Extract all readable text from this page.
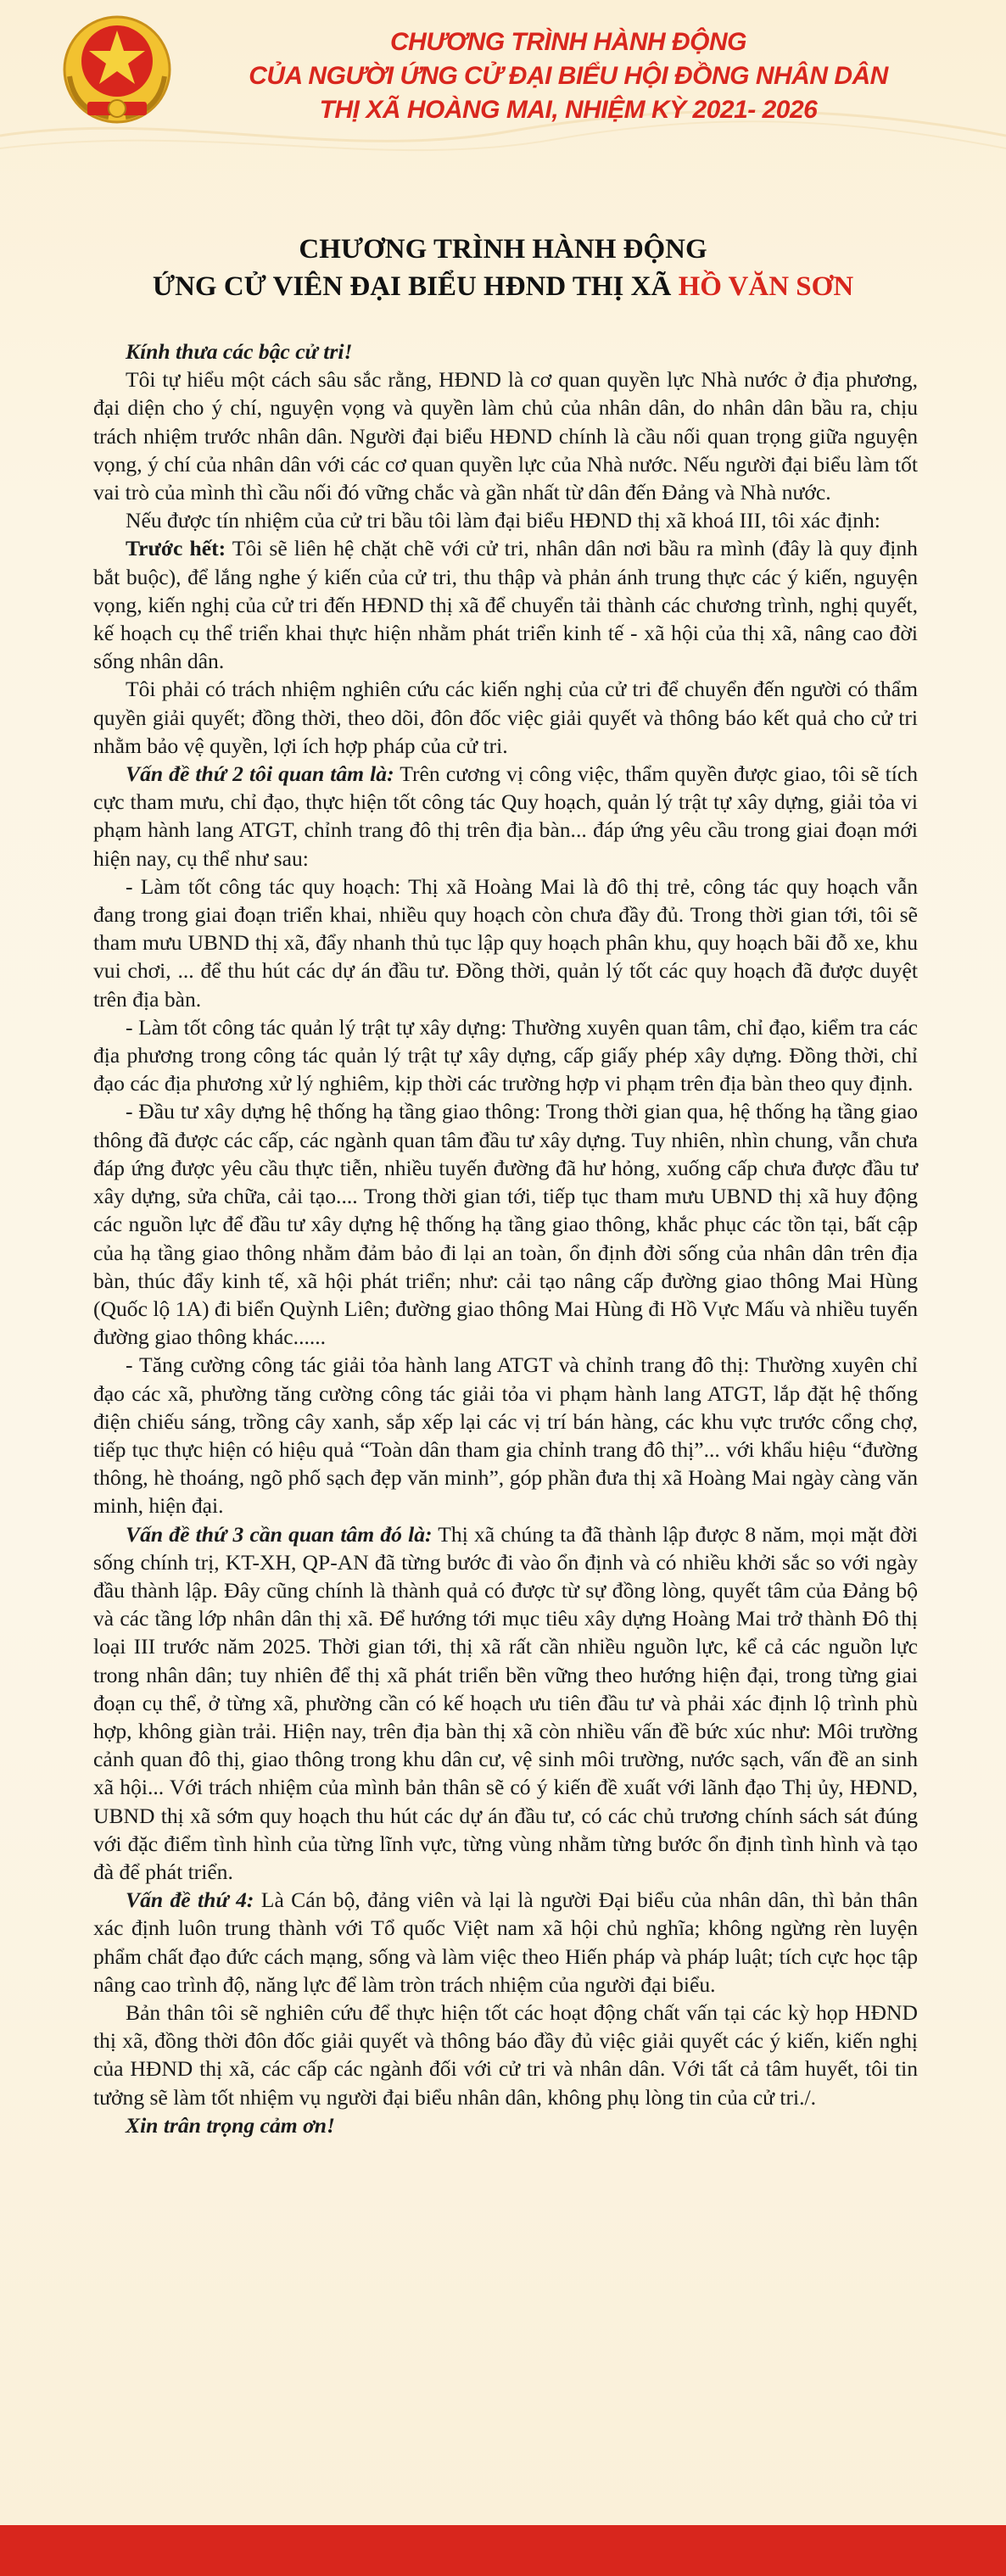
CHƯƠNG TRÌNH HÀNH ĐỘNG
CỦA NGƯỜI ỨNG CỬ ĐẠI BIỂU HỘI ĐỒNG NHÂN DÂN
THỊ XÃ HOÀNG MAI, NHIỆM KỲ 2021- 2026
CHƯƠNG TRÌNH HÀNH ĐỘNG
ỨNG CỬ VIÊN ĐẠI BIỂU HĐND THỊ XÃ HỒ VĂN SƠN

Kính thưa các bậc cử tri!

Tôi tự hiểu một cách sâu sắc rằng, HĐND là cơ quan quyền lực Nhà nước ở địa phương, đại diện cho ý chí, nguyện vọng và quyền làm chủ của nhân dân, do nhân dân bầu ra, chịu trách nhiệm trước nhân dân. Người đại biểu HĐND chính là cầu nối quan trọng giữa nguyện vọng, ý chí của nhân dân với các cơ quan quyền lực của Nhà nước. Nếu người đại biểu làm tốt vai trò của mình thì cầu nối đó vững chắc và gần nhất từ dân đến Đảng và Nhà nước.

Nếu được tín nhiệm của cử tri bầu tôi làm đại biểu HĐND thị xã khoá III, tôi xác định:

Trước hết: Tôi sẽ liên hệ chặt chẽ với cử tri, nhân dân nơi bầu ra mình (đây là quy định bắt buộc), để lắng nghe ý kiến của cử tri, thu thập và phản ánh trung thực các ý kiến, nguyện vọng, kiến nghị của cử tri đến HĐND thị xã để chuyển tải thành các chương trình, nghị quyết, kế hoạch cụ thể triển khai thực hiện nhằm phát triển kinh tế - xã hội của thị xã, nâng cao đời sống nhân dân.

Tôi phải có trách nhiệm nghiên cứu các kiến nghị của cử tri để chuyển đến người có thẩm quyền giải quyết; đồng thời, theo dõi, đôn đốc việc giải quyết và thông báo kết quả cho cử tri nhằm bảo vệ quyền, lợi ích hợp pháp của cử tri.

Vấn đề thứ 2 tôi quan tâm là: Trên cương vị công việc, thẩm quyền được giao, tôi sẽ tích cực tham mưu, chỉ đạo, thực hiện tốt công tác Quy hoạch, quản lý trật tự xây dựng, giải tỏa vi phạm hành lang ATGT, chỉnh trang đô thị trên địa bàn... đáp ứng yêu cầu trong giai đoạn mới hiện nay, cụ thể như sau:

- Làm tốt công tác quy hoạch: Thị xã Hoàng Mai là đô thị trẻ, công tác quy hoạch vẫn đang trong giai đoạn triển khai, nhiều quy hoạch còn chưa đầy đủ. Trong thời gian tới, tôi sẽ tham mưu UBND thị xã, đẩy nhanh thủ tục lập quy hoạch phân khu, quy hoạch bãi đỗ xe, khu vui chơi, ... để thu hút các dự án đầu tư. Đồng thời, quản lý tốt các quy hoạch đã được duyệt trên địa bàn.

- Làm tốt công tác quản lý trật tự xây dựng: Thường xuyên quan tâm, chỉ đạo, kiểm tra các địa phương trong công tác quản lý trật tự xây dựng, cấp giấy phép xây dựng. Đồng thời, chỉ đạo các địa phương xử lý nghiêm, kịp thời các trường hợp vi phạm trên địa bàn theo quy định.

- Đầu tư xây dựng hệ thống hạ tầng giao thông: Trong thời gian qua, hệ thống hạ tầng giao thông đã được các cấp, các ngành quan tâm đầu tư xây dựng. Tuy nhiên, nhìn chung, vẫn chưa đáp ứng được yêu cầu thực tiễn, nhiều tuyến đường đã hư hỏng, xuống cấp chưa được đầu tư xây dựng, sửa chữa, cải tạo.... Trong thời gian tới, tiếp tục tham mưu UBND thị xã huy động các nguồn lực để đầu tư xây dựng hệ thống hạ tầng giao thông, khắc phục các tồn tại, bất cập của hạ tầng giao thông nhằm đảm bảo đi lại an toàn, ổn định đời sống của nhân dân trên địa bàn, thúc đẩy kinh tế, xã hội phát triển; như: cải tạo nâng cấp đường giao thông Mai Hùng (Quốc lộ 1A) đi biển Quỳnh Liên; đường giao thông Mai Hùng đi Hồ Vực Mấu và nhiều tuyến đường giao thông khác......

- Tăng cường công tác giải tỏa hành lang ATGT và chỉnh trang đô thị: Thường xuyên chỉ đạo các xã, phường tăng cường công tác giải tỏa vi phạm hành lang ATGT, lắp đặt hệ thống điện chiếu sáng, trồng cây xanh, sắp xếp lại các vị trí bán hàng, các khu vực trước cổng chợ, tiếp tục thực hiện có hiệu quả “Toàn dân tham gia chỉnh trang đô thị”... với khẩu hiệu “đường thông, hè thoáng, ngõ phố sạch đẹp văn minh”, góp phần đưa thị xã Hoàng Mai ngày càng văn minh, hiện đại.

Vấn đề thứ 3 cần quan tâm đó là: Thị xã chúng ta đã thành lập được 8 năm, mọi mặt đời sống chính trị, KT-XH, QP-AN đã từng bước đi vào ổn định và có nhiều khởi sắc so với ngày đầu thành lập. Đây cũng chính là thành quả có được từ sự đồng lòng, quyết tâm của Đảng bộ và các tầng lớp nhân dân thị xã. Để hướng tới mục tiêu xây dựng Hoàng Mai trở thành Đô thị loại III trước năm 2025. Thời gian tới, thị xã rất cần nhiều nguồn lực, kể cả các nguồn lực trong nhân dân; tuy nhiên để thị xã phát triển bền vững theo hướng hiện đại, trong từng giai đoạn cụ thể, ở từng xã, phường cần có kế hoạch ưu tiên đầu tư và phải xác định lộ trình phù hợp, không giàn trải. Hiện nay, trên địa bàn thị xã còn nhiều vấn đề bức xúc như: Môi trường cảnh quan đô thị, giao thông trong khu dân cư, vệ sinh môi trường, nước sạch, vấn đề an sinh xã hội... Với trách nhiệm của mình bản thân sẽ có ý kiến đề xuất với lãnh đạo Thị ủy, HĐND, UBND thị xã sớm quy hoạch thu hút các dự án đầu tư, có các chủ trương chính sách sát đúng với đặc điểm tình hình của từng lĩnh vực, từng vùng nhằm từng bước ổn định tình hình và tạo đà để phát triển.

Vấn đề thứ 4: Là Cán bộ, đảng viên và lại là người Đại biểu của nhân dân, thì bản thân xác định luôn trung thành với Tổ quốc Việt nam xã hội chủ nghĩa; không ngừng rèn luyện phẩm chất đạo đức cách mạng, sống và làm việc theo Hiến pháp và pháp luật; tích cực học tập nâng cao trình độ, năng lực để làm tròn trách nhiệm của người đại biểu.

Bản thân tôi sẽ nghiên cứu để thực hiện tốt các hoạt động chất vấn tại các kỳ họp HĐND thị xã, đồng thời đôn đốc giải quyết và thông báo đầy đủ việc giải quyết các ý kiến, kiến nghị của HĐND thị xã, các cấp các ngành đối với cử tri và nhân dân. Với tất cả tâm huyết, tôi tin tưởng sẽ làm tốt nhiệm vụ người đại biểu nhân dân, không phụ lòng tin của cử tri./.

Xin trân trọng cảm ơn!
